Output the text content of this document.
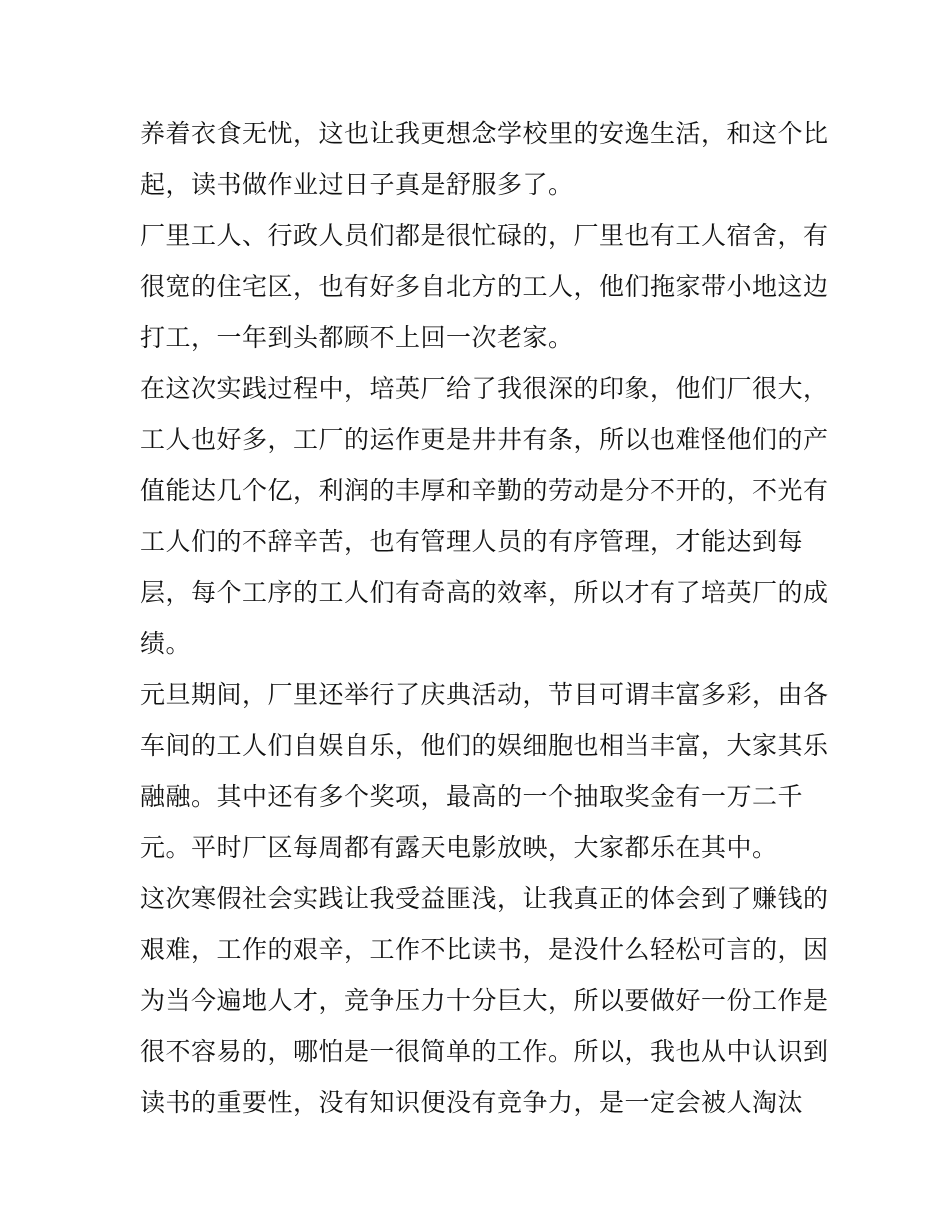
养着衣食无忧，这也让我更想念学校里的安逸生活，和这个比
起，读书做作业过日子真是舒服多了。
厂里工人、行政人员们都是很忙碌的，厂里也有工人宿舍，有
很宽的住宅区，也有好多自北方的工人，他们拖家带小地这边
打工，一年到头都顾不上回一次老家。
在这次实践过程中，培英厂给了我很深的印象，他们厂很大，
工人也好多，工厂的运作更是井井有条，所以也难怪他们的产
值能达几个亿，利润的丰厚和辛勤的劳动是分不开的，不光有
工人们的不辞辛苦，也有管理人员的有序管理，才能达到每
层，每个工序的工人们有奇高的效率，所以才有了培英厂的成
绩。
元旦期间，厂里还举行了庆典活动，节目可谓丰富多彩，由各
车间的工人们自娱自乐，他们的娱细胞也相当丰富，大家其乐
融融。其中还有多个奖项，最高的一个抽取奖金有一万二千
元。平时厂区每周都有露天电影放映，大家都乐在其中。
这次寒假社会实践让我受益匪浅，让我真正的体会到了赚钱的
艰难，工作的艰辛，工作不比读书，是没什么轻松可言的，因
为当今遍地人才，竞争压力十分巨大，所以要做好一份工作是
很不容易的，哪怕是一很简单的工作。所以，我也从中认识到
读书的重要性，没有知识便没有竞争力，是一定会被人淘汰
